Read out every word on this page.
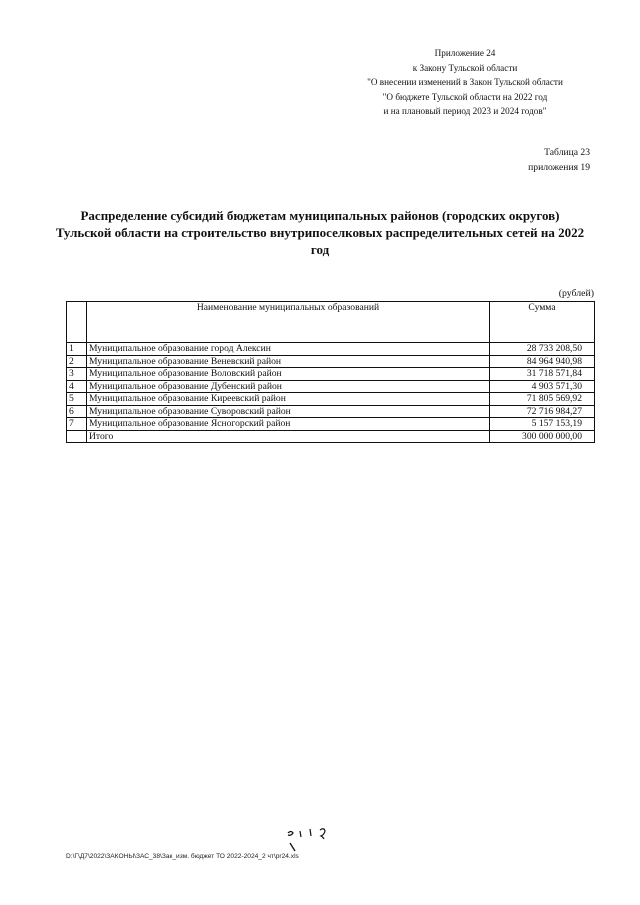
Приложение 24
к Закону Тульской области
"О внесении изменений в Закон Тульской области
"О бюджете Тульской области на 2022 год
и на плановый период 2023 и 2024 годов"
Таблица 23
приложения 19
Распределение субсидий бюджетам муниципальных районов (городских округов)
Тульской области на строительство внутрипоселковых распределительных сетей на 2022
год
(рублей)
	Наименование муниципальных образований	Сумма
1	Муниципальное образование город Алексин	28 733 208,50
2	Муниципальное образование Веневский район	84 964 940,98
3	Муниципальное образование Воловский район	31 718 571,84
4	Муниципальное образование Дубенский район	4 903 571,30
5	Муниципальное образование Киреевский район	71 805 569,92
6	Муниципальное образование Суворовский район	72 716 984,27
7	Муниципальное образование Ясногорский район	5 157 153,19
	Итого	300 000 000,00
D:\Г\Д7\2022\ЗАКОНЫ\ЗАС_38\Зак_изм. бюджет ТО 2022-2024_2 чт\pr24.xls
